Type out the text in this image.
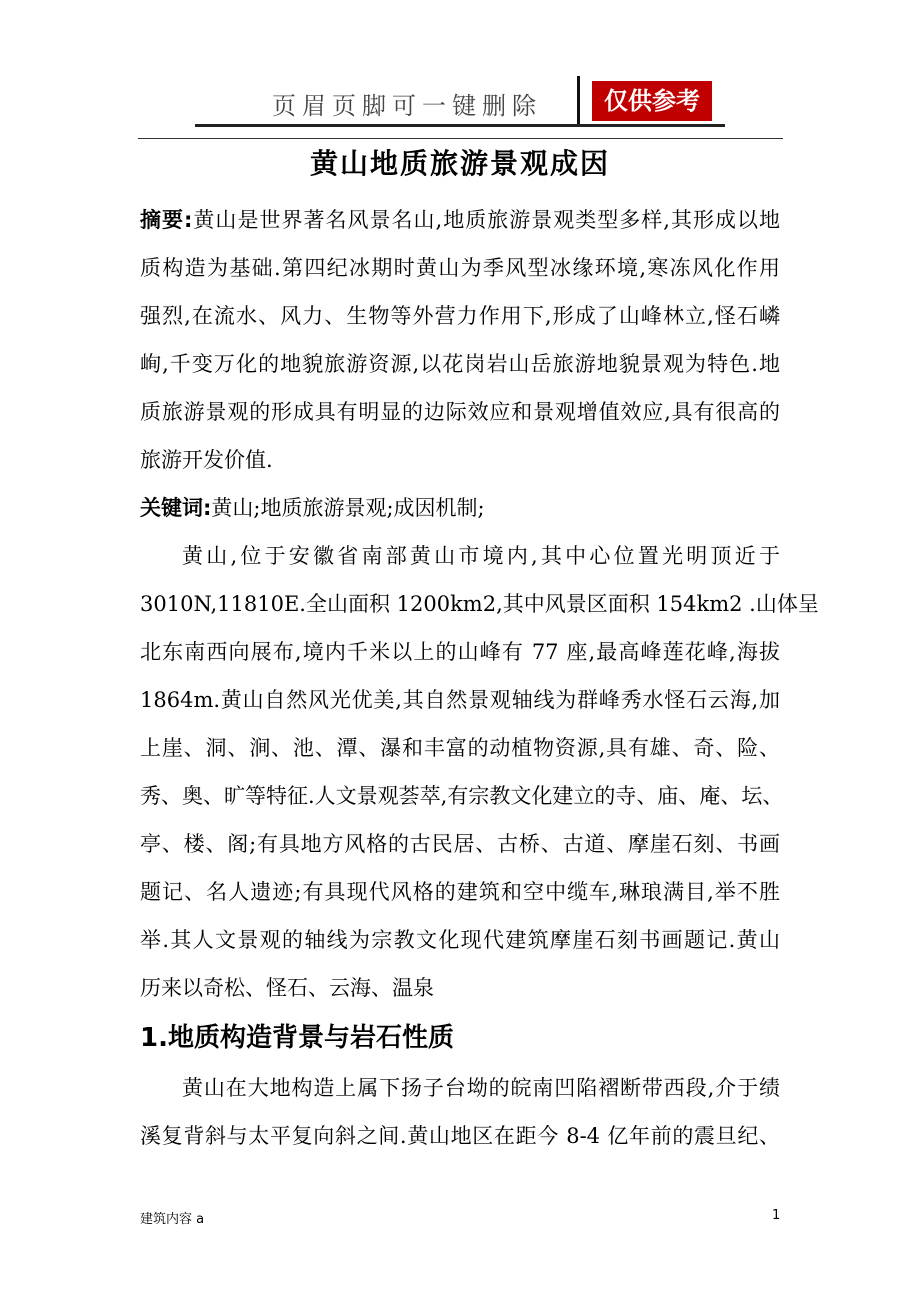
页眉页脚可一键删除	仅供参考
黄山地质旅游景观成因
摘要:黄山是世界著名风景名山,地质旅游景观类型多样,其形成以地
质构造为基础.第四纪冰期时黄山为季风型冰缘环境,寒冻风化作用
强烈,在流水、风力、生物等外营力作用下,形成了山峰林立,怪石嶙
峋,千变万化的地貌旅游资源,以花岗岩山岳旅游地貌景观为特色.地
质旅游景观的形成具有明显的边际效应和景观增值效应,具有很高的
旅游开发价值.
关键词:黄山;地质旅游景观;成因机制;
黄山,位于安徽省南部黄山市境内,其中心位置光明顶近于
3010N,11810E.全山面积 1200km2,其中风景区面积 154km2 .山体呈
北东南西向展布,境内千米以上的山峰有 77 座,最高峰莲花峰,海拔
1864m.黄山自然风光优美,其自然景观轴线为群峰秀水怪石云海,加
上崖、洞、涧、池、潭、瀑和丰富的动植物资源,具有雄、奇、险、
秀、奥、旷等特征.人文景观荟萃,有宗教文化建立的寺、庙、庵、坛、
亭、楼、阁;有具地方风格的古民居、古桥、古道、摩崖石刻、书画
题记、名人遗迹;有具现代风格的建筑和空中缆车,琳琅满目,举不胜
举.其人文景观的轴线为宗教文化现代建筑摩崖石刻书画题记.黄山
历来以奇松、怪石、云海、温泉
1.地质构造背景与岩石性质
黄山在大地构造上属下扬子台坳的皖南凹陷褶断带西段,介于绩
溪复背斜与太平复向斜之间.黄山地区在距今 8-4 亿年前的震旦纪、
建筑内容 a	1
